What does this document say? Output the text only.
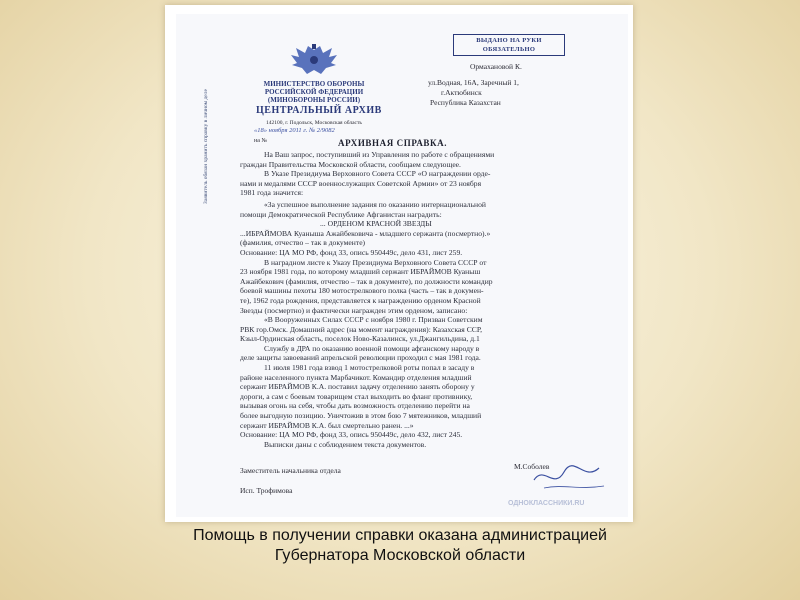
ВЫДАНО НА РУКИ
ОБЯЗАТЕЛЬНО
МИНИСТЕРСТВО ОБОРОНЫ
РОССИЙСКОЙ ФЕДЕРАЦИИ
(МИНОБОРОНЫ РОССИИ)
ЦЕНТРАЛЬНЫЙ АРХИВ
142100, г. Подольск, Московская область
«18» ноября 2011 г. № 2/9082
на №
Ормахановой К.
ул.Водная, 16А, Заречный 1,
г.Актюбинск
Республика Казахстан
Заявитель обязан хранить справку в личном деле	АРХИВНАЯ СПРАВКА.
На Ваш запрос, поступивший из Управления по работе с обращениями
граждан Правительства Московской области, сообщаем следующее.
В Указе Президиума Верховного Совета СССР «О награждении орде-
нами и медалями СССР военнослужащих Советской Армии» от 23 ноября
1981 года значится:
«За успешное выполнение задания по оказанию интернациональной
помощи Демократической Республике Афганистан наградить:
... ОРДЕНОМ КРАСНОЙ ЗВЕЗДЫ
...ИБРАЙМОВА Куаныша Ажайбековича - младшего сержанта (посмертно).»
(фамилия, отчество – так в документе)
Основание: ЦА МО РФ, фонд 33, опись 950449с, дело 431, лист 259.
В наградном листе к Указу Президиума Верховного Совета СССР от
23 ноября 1981 года, по которому младший сержант ИБРАЙМОВ Куаныш
Ажайбекович (фамилия, отчество – так в документе), по должности командир
боевой машины пехоты 180 мотострелкового полка (часть – так в докумен-
те), 1962 года рождения, представляется к награждению орденом Красной
Звезды (посмертно) и фактически награжден этим орденом, записано:
«В Вооруженных Силах СССР с ноября 1980 г. Призван Советским
РВК гор.Омск. Домашний адрес (на момент награждения): Казахская ССР,
Кзыл-Ординская область, поселок Ново-Казалинск, ул.Джангильдина, д.1
Службу в ДРА по оказанию военной помощи афганскому народу в
деле защиты завоеваний апрельской революции проходил с мая 1981 года.
11 июля 1981 года взвод 1 мотострелковой роты попал в засаду в
районе населенного пункта Марбачикот. Командир отделения младший
сержант ИБРАЙМОВ К.А. поставил задачу отделению занять оборону у
дороги, а сам с боевым товарищем стал выходить во фланг противнику,
вызывая огонь на себя, чтобы дать возможность отделению перейти на
более выгодную позицию. Уничтожив в этом бою 7 мятежников, младший
сержант ИБРАЙМОВ К.А. был смертельно ранен. ...»
Основание: ЦА МО РФ, фонд 33, опись 950449с, дело 432, лист 245.
Выписки даны с соблюдением текста документов.
Заместитель начальника отдела
Исп. Трофимова
М.Соболев
ОДНОКЛАССНИКИ.RU
Помощь в получении справки оказана администрацией
Губернатора Московской области
